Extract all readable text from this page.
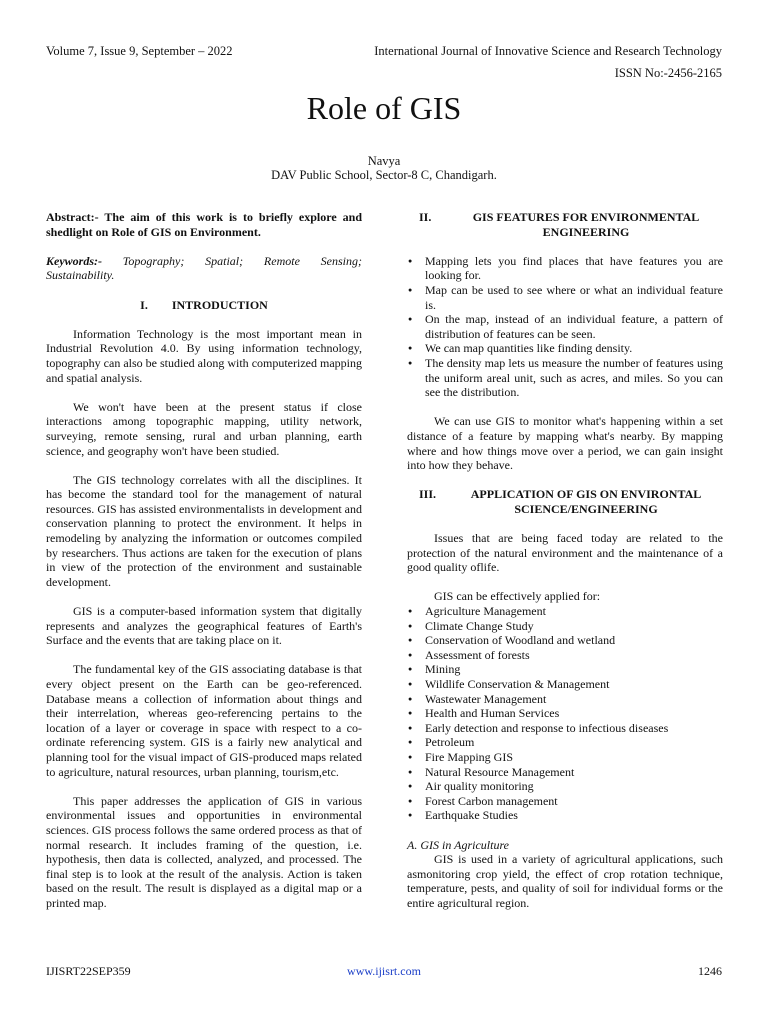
Volume 7, Issue 9, September – 2022	International Journal of Innovative Science and Research Technology
ISSN No:-2456-2165
Role of GIS
Navya
DAV Public School, Sector-8 C, Chandigarh.

Abstract:- The aim of this work is to briefly explore and shedlight on Role of GIS on Environment.

Keywords:- Topography; Spatial; Remote Sensing; Sustainability.

I. INTRODUCTION

Information Technology is the most important mean in Industrial Revolution 4.0. By using information technology, topography can also be studied along with computerized mapping and spatial analysis.

We won't have been at the present status if close interactions among topographic mapping, utility network, surveying, remote sensing, rural and urban planning, earth science, and geography won't have been studied.

The GIS technology correlates with all the disciplines. It has become the standard tool for the management of natural resources. GIS has assisted environmentalists in development and conservation planning to protect the environment. It helps in remodeling by analyzing the information or outcomes compiled by researchers. Thus actions are taken for the execution of plans in view of the protection of the environment and sustainable development.

GIS is a computer-based information system that digitally represents and analyzes the geographical features of Earth's Surface and the events that are taking place on it.

The fundamental key of the GIS associating database is that every object present on the Earth can be geo-referenced. Database means a collection of information about things and their interrelation, whereas geo-referencing pertains to the location of a layer or coverage in space with respect to a co-ordinate referencing system. GIS is a fairly new analytical and planning tool for the visual impact of GIS-produced maps related to agriculture, natural resources, urban planning, tourism,etc.

This paper addresses the application of GIS in various environmental issues and opportunities in environmental sciences. GIS process follows the same ordered process as that of normal research. It includes framing of the question, i.e. hypothesis, then data is collected, analyzed, and processed. The final step is to look at the result of the analysis. Action is taken based on the result. The result is displayed as a digital map or a printed map.

II.	GIS FEATURES FOR ENVIRONMENTAL ENGINEERING
● Mapping lets you find places that have features you are looking for.
● Map can be used to see where or what an individual feature is.
● On the map, instead of an individual feature, a pattern of distribution of features can be seen.
● We can map quantities like finding density.
● The density map lets us measure the number of features using the uniform areal unit, such as acres, and miles. So you can see the distribution.

We can use GIS to monitor what's happening within a set distance of a feature by mapping what's nearby. By mapping where and how things move over a period, we can gain insight into how they behave.

III.	APPLICATION OF GIS ON ENVIRONTAL SCIENCE/ENGINEERING

Issues that are being faced today are related to the protection of the natural environment and the maintenance of a good quality oflife.

GIS can be effectively applied for:

● Agriculture Management
● Climate Change Study
● Conservation of Woodland and wetland
● Assessment of forests
● Mining
● Wildlife Conservation & Management
● Wastewater Management
● Health and Human Services
● Early detection and response to infectious diseases
● Petroleum
● Fire Mapping GIS
● Natural Resource Management
● Air quality monitoring
● Forest Carbon management
● Earthquake Studies

A. GIS in Agriculture

GIS is used in a variety of agricultural applications, such asmonitoring crop yield, the effect of crop rotation technique, temperature, pests, and quality of soil for individual forms or the entire agricultural region.

IJISRT22SEP359	www.ijisrt.com	1246
